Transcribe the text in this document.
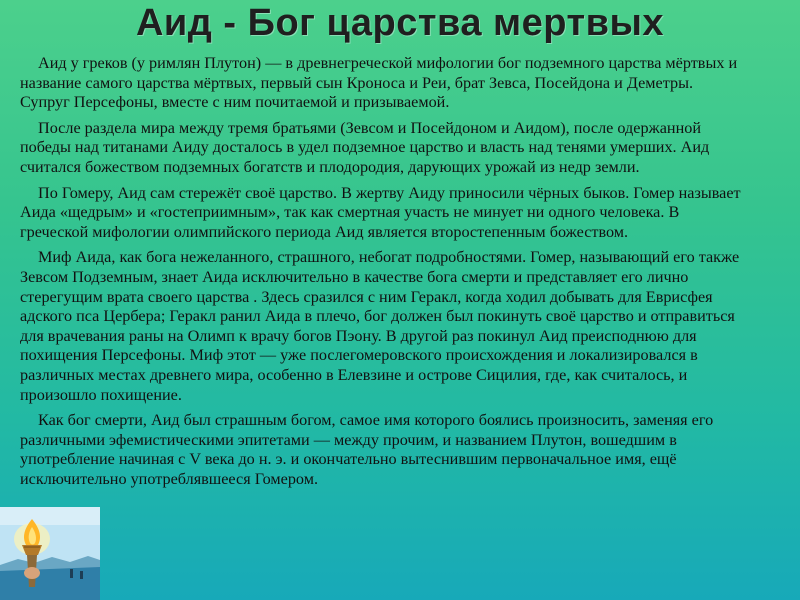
Аид - Бог царства мертвых

Аид у греков (у римлян Плутон) — в древнегреческой мифологии бог подземного царства мёртвых и название самого царства мёртвых, первый сын Кроноса и Реи, брат Зевса, Посейдона и Деметры. Супруг Персефоны, вместе с ним почитаемой и призываемой.

После раздела мира между тремя братьями (Зевсом и Посейдоном и Аидом), после одержанной победы над титанами Аиду досталось в удел подземное царство и власть над тенями умерших. Аид считался божеством подземных богатств и плодородия, дарующих урожай из недр земли.

По Гомеру, Аид сам стережёт своё царство. В жертву Аиду приносили чёрных быков. Гомер называет Аида «щедрым» и «гостеприимным», так как смертная участь не минует ни одного человека. В греческой мифологии олимпийского периода Аид является второстепенным божеством.

Миф Аида, как бога нежеланного, страшного, небогат подробностями. Гомер, называющий его также Зевсом Подземным, знает Аида исключительно в качестве бога смерти и представляет его лично стерегущим врата своего царства . Здесь сразился с ним Геракл, когда ходил добывать для Еврисфея адского пса Цербера; Геракл ранил Аида в плечо, бог должен был покинуть своё царство и отправиться для врачевания раны на Олимп к врачу богов Пэону. В другой раз покинул Аид преисподнюю для похищения Персефоны. Миф этот — уже послегомеровского происхождения и локализировался в различных местах древнего мира, особенно в Елевзине и острове Сицилия, где, как считалось, и произошло похищение.

Как бог смерти, Аид был страшным богом, самое имя которого боялись произносить, заменяя его различными эфемистическими эпитетами — между прочим, и названием Плутон, вошедшим в употребление начиная с V века до н. э. и окончательно вытеснившим первоначальное имя, ещё исключительно употреблявшееся Гомером.
